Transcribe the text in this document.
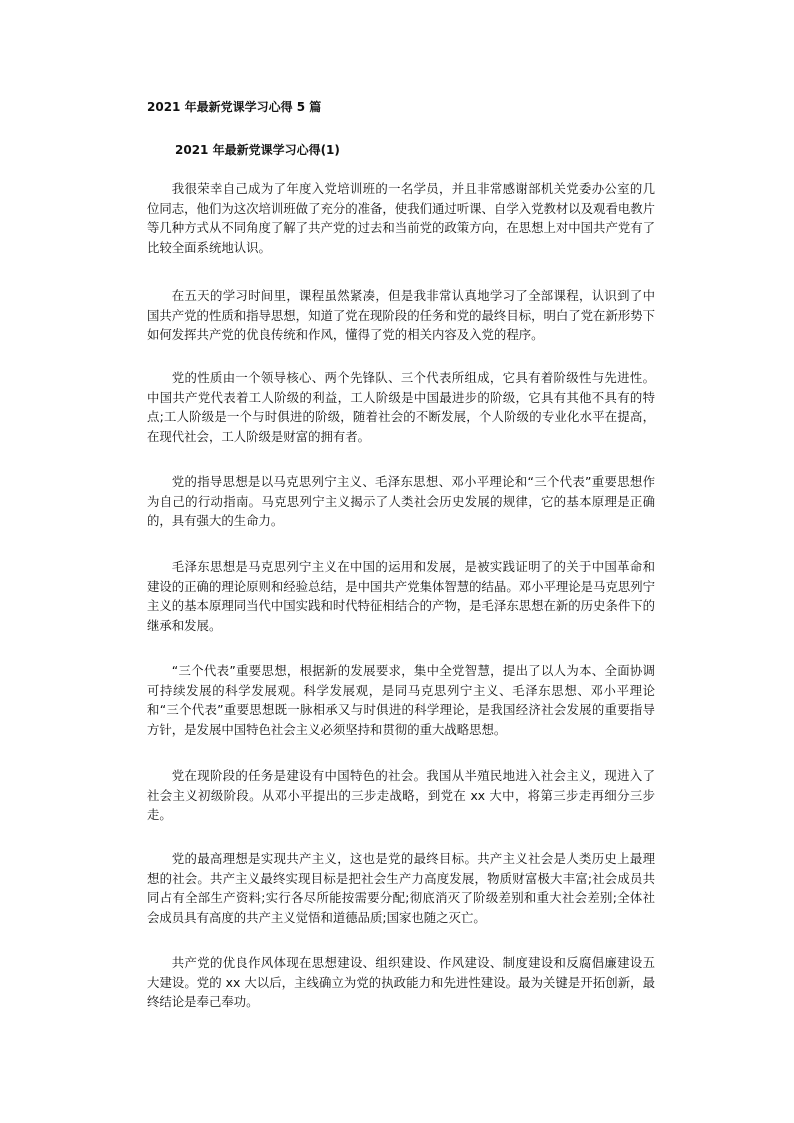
2021 年最新党课学习心得 5 篇
2021 年最新党课学习心得(1)

我很荣幸自己成为了年度入党培训班的一名学员，并且非常感谢部机关党委办公室的几位同志，他们为这次培训班做了充分的准备，使我们通过听课、自学入党教材以及观看电教片等几种方式从不同角度了解了共产党的过去和当前党的政策方向，在思想上对中国共产党有了比较全面系统地认识。

在五天的学习时间里，课程虽然紧凑，但是我非常认真地学习了全部课程，认识到了中国共产党的性质和指导思想，知道了党在现阶段的任务和党的最终目标，明白了党在新形势下如何发挥共产党的优良传统和作风，懂得了党的相关内容及入党的程序。

党的性质由一个领导核心、两个先锋队、三个代表所组成，它具有着阶级性与先进性。中国共产党代表着工人阶级的利益，工人阶级是中国最进步的阶级，它具有其他不具有的特点;工人阶级是一个与时俱进的阶级，随着社会的不断发展，个人阶级的专业化水平在提高，在现代社会，工人阶级是财富的拥有者。

党的指导思想是以马克思列宁主义、毛泽东思想、邓小平理论和“三个代表”重要思想作为自己的行动指南。马克思列宁主义揭示了人类社会历史发展的规律，它的基本原理是正确的，具有强大的生命力。

毛泽东思想是马克思列宁主义在中国的运用和发展，是被实践证明了的关于中国革命和建设的正确的理论原则和经验总结，是中国共产党集体智慧的结晶。邓小平理论是马克思列宁主义的基本原理同当代中国实践和时代特征相结合的产物，是毛泽东思想在新的历史条件下的继承和发展。

“三个代表”重要思想，根据新的发展要求，集中全党智慧，提出了以人为本、全面协调可持续发展的科学发展观。科学发展观，是同马克思列宁主义、毛泽东思想、邓小平理论和“三个代表”重要思想既一脉相承又与时俱进的科学理论，是我国经济社会发展的重要指导方针，是发展中国特色社会主义必须坚持和贯彻的重大战略思想。

党在现阶段的任务是建设有中国特色的社会。我国从半殖民地进入社会主义，现进入了社会主义初级阶段。从邓小平提出的三步走战略，到党在 xx 大中，将第三步走再细分三步走。

党的最高理想是实现共产主义，这也是党的最终目标。共产主义社会是人类历史上最理想的社会。共产主义最终实现目标是把社会生产力高度发展，物质财富极大丰富;社会成员共同占有全部生产资料;实行各尽所能按需要分配;彻底消灭了阶级差别和重大社会差别;全体社会成员具有高度的共产主义觉悟和道德品质;国家也随之灭亡。

共产党的优良作风体现在思想建设、组织建设、作风建设、制度建设和反腐倡廉建设五大建设。党的 xx 大以后，主线确立为党的执政能力和先进性建设。最为关键是开拓创新，最终结论是奉己奉功。
